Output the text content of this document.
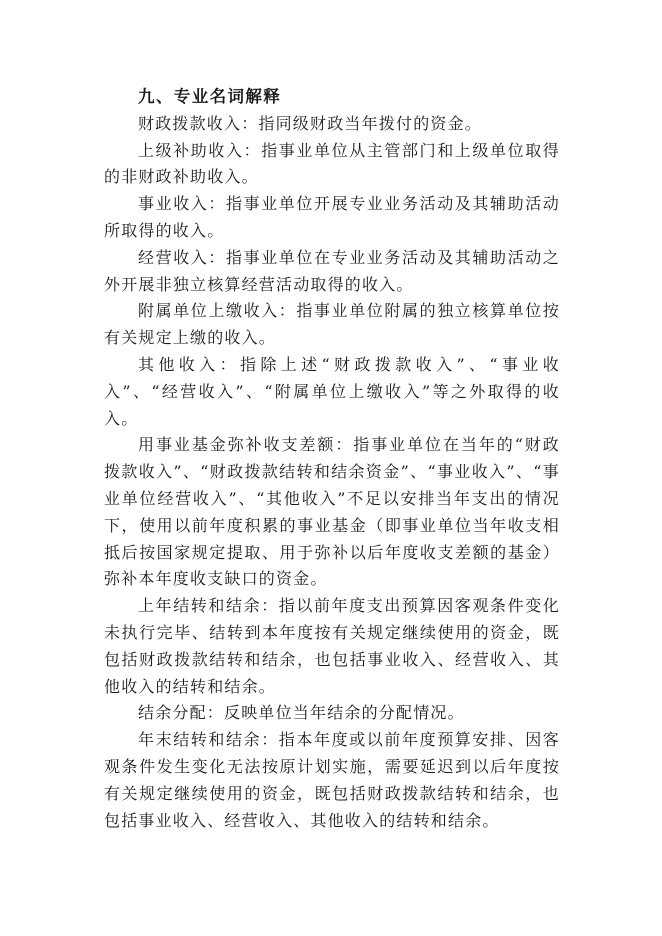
九、专业名词解释

财政拨款收入：指同级财政当年拨付的资金。

上级补助收入：指事业单位从主管部门和上级单位取得的非财政补助收入。

事业收入：指事业单位开展专业业务活动及其辅助活动所取得的收入。

经营收入：指事业单位在专业业务活动及其辅助活动之外开展非独立核算经营活动取得的收入。

附属单位上缴收入：指事业单位附属的独立核算单位按有关规定上缴的收入。

其他收入：指除上述“财政拨款收入”、“事业收入”、“经营收入”、“附属单位上缴收入”等之外取得的收入。

用事业基金弥补收支差额：指事业单位在当年的“财政拨款收入”、“财政拨款结转和结余资金”、“事业收入”、“事业单位经营收入”、“其他收入”不足以安排当年支出的情况下，使用以前年度积累的事业基金（即事业单位当年收支相抵后按国家规定提取、用于弥补以后年度收支差额的基金）弥补本年度收支缺口的资金。

上年结转和结余：指以前年度支出预算因客观条件变化未执行完毕、结转到本年度按有关规定继续使用的资金，既包括财政拨款结转和结余，也包括事业收入、经营收入、其他收入的结转和结余。

结余分配：反映单位当年结余的分配情况。

年末结转和结余：指本年度或以前年度预算安排、因客观条件发生变化无法按原计划实施，需要延迟到以后年度按有关规定继续使用的资金，既包括财政拨款结转和结余，也包括事业收入、经营收入、其他收入的结转和结余。
